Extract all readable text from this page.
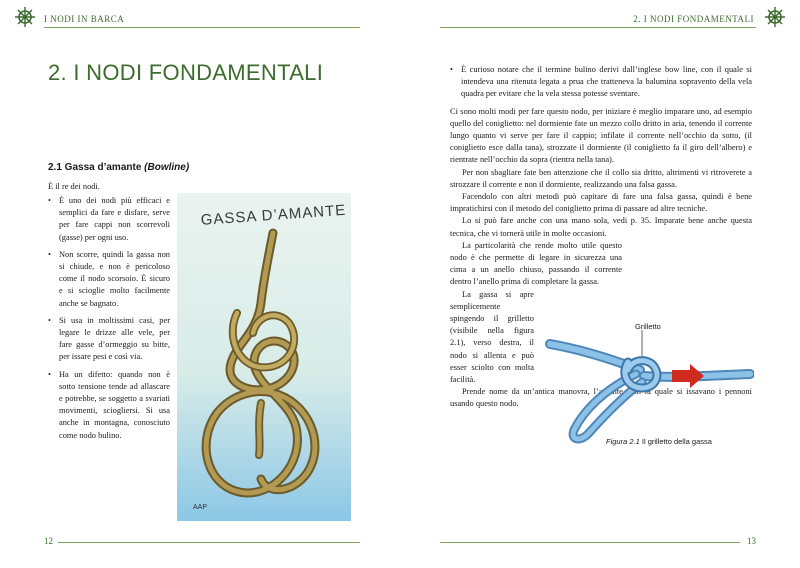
I NODI IN BARCA	2. I NODI FONDAMENTALI
2. I NODI FONDAMENTALI
2.1 Gassa d’amante (Bowline)
È il re dei nodi.
• È uno dei nodi più efficaci e semplici da fare e disfare, serve per fare cappi non scorrevoli (gasse) per ogni uso.
• Non scorre, quindi la gassa non si chiude, e non è pericoloso come il nodo scorsoio. È sicuro e si scioglie molto facilmente anche se bagnato.
• Si usa in moltissimi casi, per legare le drizze alle vele, per fare gasse d’ormeggio su bitte, per issare pesi e così via.
• Ha un difetto: quando non è sotto tensione tende ad allascare e potrebbe, se soggetto a svariati movimenti, sciogliersi. Si usa anche in montagna, conosciuto come nodo bulino.
GASSA D’AMANTE
AAP

• È curioso notare che il termine bulino derivi dall’inglese bow line, con il quale si intendeva una ritenuta legata a prua che tratteneva la balumina sopravento della vela quadra per evitare che la vela stessa potesse sventare.

Ci sono molti modi per fare questo nodo, per iniziare è meglio imparare uno, ad esempio quello del coniglietto: nel dormiente fate un mezzo collo dritto in aria, tenendo il corrente lungo quanto vi serve per fare il cappio; infilate il corrente nell’occhio da sotto, (il coniglietto esce dalla tana), strozzate il dormiente (il coniglietto fa il giro dell’albero) e rientrate nell’occhio da sopra (rientra nella tana).

Per non sbagliare fate ben attenzione che il collo sia dritto, altrimenti vi ritroverete a strozzare il corrente e non il dormiente, realizzando una falsa gassa.

Facendolo con altri metodi può capitare di fare una falsa gassa, quindi è bene impratichirsi con il metodo del coniglietto prima di passare ad altre tecniche.

Lo si può fare anche con una mano sola, vedi p. 35. Imparate bene anche questa tecnica, che vi tornerà utile in molte occasioni.

La particolarità che rende molto utile questo nodo è che permette di legare in sicurezza una cima a un anello chiuso, passando il corrente dentro l’anello prima di completare la gassa.

La gassa si apre semplicemente spingendo il grilletto (visibile nella figura 2.1), verso destra, il nodo si allenta e può esser sciolto con molta facilità.

Prende nome da un’antica manovra, l’amante, con la quale si issavano i pennoni usando questo nodo.

Grilletto
Figura 2.1 Il grilletto della gassa
12	13
